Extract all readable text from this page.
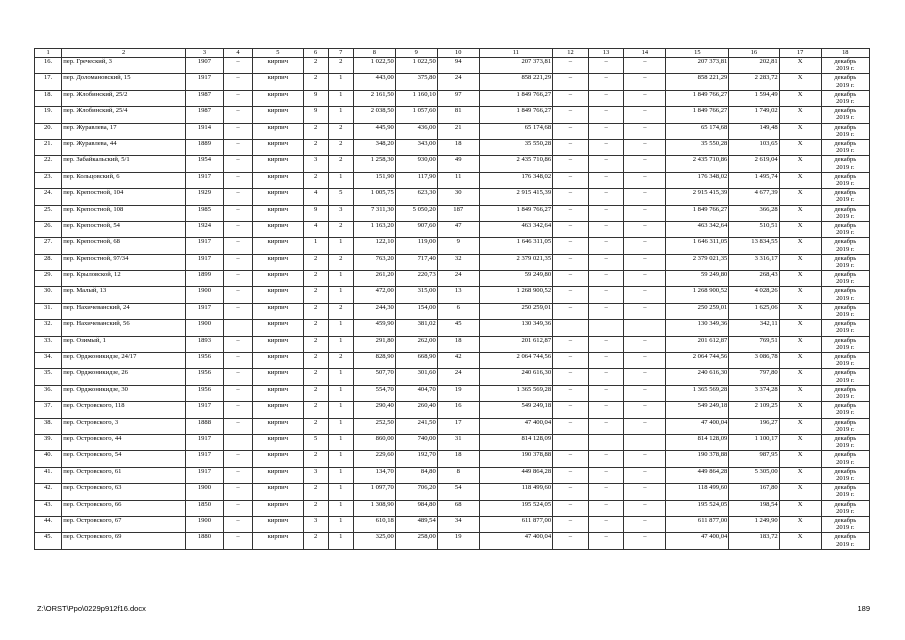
1	2	3	4	5	6	7	8	9	10	11	12	13	14	15	16	17	18
16.	пер. Греческий, 3	1907	–	кирпич	2	2	1 022,50	1 022,50	94	207 373,81	–	–	–	207 373,81	202,81	Х	декабрь
2019 г.

17.	пер. Доломановский, 15	1917	–	кирпич	2	1	443,00	375,80	24	858 221,29	–	–	–	858 221,29	2 283,72	Х	декабрь
2019 г.

18.	пер. Жлобинский, 25/2	1987	–	кирпич	9	1	2 161,50	1 160,10	97	1 849 766,27	–	–	–	1 849 766,27	1 594,49	Х	декабрь
2019 г.

19.	пер. Жлобинский, 25/4	1987	–	кирпич	9	1	2 038,50	1 057,60	81	1 849 766,27	–	–	–	1 849 766,27	1 749,02	Х	декабрь
2019 г.

20.	пер. Журавлева, 17	1914	–	кирпич	2	2	445,90	436,00	21	65 174,68	–	–	–	65 174,68	149,48	Х	декабрь
2019 г.

21.	пер. Журавлева, 44	1889	–	кирпич	2	2	348,20	343,00	18	35 550,28	–	–	–	35 550,28	103,65	Х	декабрь
2019 г.

22.	пер. Забайкальский, 5/1	1954	–	кирпич	3	2	1 258,30	930,00	49	2 435 710,86	–	–	–	2 435 710,86	2 619,04	Х	декабрь
2019 г.

23.	пер. Кольцовский, 6	1917	–	кирпич	2	1	151,90	117,90	11	176 348,02	–	–	–	176 348,02	1 495,74	Х	декабрь
2019 г.

24.	пер. Крепостной, 104	1929	–	кирпич	4	5	1 005,75	623,30	30	2 915 415,39	–	–	–	2 915 415,39	4 677,39	Х	декабрь
2019 г.

25.	пер. Крепостной, 108	1985	–	кирпич	9	3	7 311,30	5 050,20	187	1 849 766,27	–	–	–	1 849 766,27	366,28	Х	декабрь
2019 г.

26.	пер. Крепостной, 54	1924	–	кирпич	4	2	1 163,20	907,60	47	463 342,64	–	–	–	463 342,64	510,51	Х	декабрь
2019 г.

27.	пер. Крепостной, 68	1917	–	кирпич	1	1	122,10	119,00	9	1 646 311,05	–	–	–	1 646 311,05	13 834,55	Х	декабрь
2019 г.

28.	пер. Крепостной, 97/34	1917	–	кирпич	2	2	763,20	717,40	32	2 379 021,35	–	–	–	2 379 021,35	3 316,17	Х	декабрь
2019 г.

29.	пер. Крыловской, 12	1899	–	кирпич	2	1	261,20	220,73	24	59 249,80	–	–	–	59 249,80	268,43	Х	декабрь
2019 г.

30.	пер. Малый, 13	1900	–	кирпич	2	1	472,00	315,00	13	1 268 900,52	–	–	–	1 268 900,52	4 028,26	Х	декабрь
2019 г.

31.	пер. Нахичеванский, 24	1917	–	кирпич	2	2	244,30	154,00	6	250 259,01	–	–	–	250 259,01	1 625,06	Х	декабрь
2019 г.

32.	пер. Нахичеванский, 56	1900		кирпич	2	1	459,90	381,02	45	130 349,36				130 349,36	342,11	Х	декабрь
2019 г.

33.	пер. Озимый, 1	1893	–	кирпич	2	1	291,80	262,00	18	201 612,87	–	–	–	201 612,87	769,51	Х	декабрь
2019 г.

34.	пер. Орджоникидзе, 24/17	1956	–	кирпич	2	2	828,90	668,90	42	2 064 744,56	–	–	–	2 064 744,56	3 086,78	Х	декабрь
2019 г.

35.	пер. Орджоникидзе, 26	1956	–	кирпич	2	1	507,70	301,60	24	240 616,30	–	–	–	240 616,30	797,80	Х	декабрь
2019 г.

36.	пер. Орджоникидзе, 30	1956	–	кирпич	2	1	554,70	404,70	19	1 365 569,28	–	–	–	1 365 569,28	3 374,28	Х	декабрь
2019 г.

37.	пер. Островского, 118	1917	–	кирпич	2	1	290,40	260,40	16	549 249,18	–	–	–	549 249,18	2 109,25	Х	декабрь
2019 г.

38.	пер. Островского, 3	1888	–	кирпич	2	1	252,50	241,50	17	47 400,04	–	–	–	47 400,04	196,27	Х	декабрь
2019 г.

39.	пер. Островского, 44	1917		кирпич	5	1	860,00	740,00	31	814 128,09				814 128,09	1 100,17	Х	декабрь
2019 г.

40.	пер. Островского, 54	1917	–	кирпич	2	1	229,60	192,70	18	190 378,88	–	–	–	190 378,88	987,95	Х	декабрь
2019 г.

41.	пер. Островского, 61	1917	–	кирпич	3	1	134,70	84,80	8	449 864,28	–	–	–	449 864,28	5 305,00	Х	декабрь
2019 г.

42.	пер. Островского, 63	1900	–	кирпич	2	1	1 097,70	706,20	54	118 499,60	–	–	–	118 499,60	167,80	Х	декабрь
2019 г.

43.	пер. Островского, 66	1850	–	кирпич	2	1	1 308,90	984,80	68	195 524,05	–	–	–	195 524,05	198,54	Х	декабрь
2019 г.

44.	пер. Островского, 67	1900	–	кирпич	3	1	610,18	489,54	34	611 877,00	–	–	–	611 877,00	1 249,90	Х	декабрь
2019 г.

45.	пер. Островского, 69	1880	–	кирпич	2	1	325,00	258,00	19	47 400,04	–	–	–	47 400,04	183,72	Х	декабрь
2019 г.
Z:\ORST\Ppo\0229p912f16.docx	189
